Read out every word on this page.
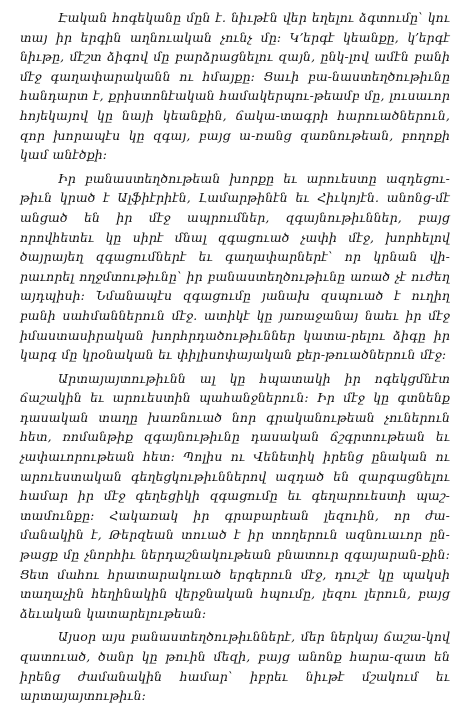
Էական հոգեկանը մըն է. նիւթէն վեր եղելու ձգտումը՝ կու տայ իր երգին աղնուական չունչ մը: Կ՚երգէ կեանքը, կ՚երգէ նիւթը, մէշտ ձիգով մը բարձրացնելու զայն, ընկ-լով ամէն բանի մէջ գաղափարականն ու հմայքը: Ցաւի բա-նաստեղծութիւնը հանդարտ է, քրիստոնէական համակերպու-թեամբ մը, լուսաւոր հոյեկայով կը նայի կեանքին, ճակա-տագրի հարուածներուն, զոր խորապէս կը զգայ, բայց ա-ռանց զառնութեան, բողոքի կամ անէծքի:

Իր բանաստեղծութեան խորքը եւ արուեստը ազդեցու-թիւն կրած է Ալֆիէրիէն, Լամարթինէն եւ Հիւկոյէն. անոնց-մէ անցած են իր մէջ ապրումներ, զգայնութիւններ, բայց որովհետեւ կը սիրէ մնալ զգացուած չափի մէջ, խորհելով ծայրայեղ զգացումներէ եւ գաղափարներէ՝ որ կրնան վի-րաւորել ողջմտութիւնը՝ իր բանաստեղծութիւնը առած չէ ուժեղ այդպիսի: Նմանապէս զգացումը յանախ զսպուած է ուղիղ բանի սահմաններուն մէջ. ատիկէ կը յառաջանայ նաեւ իր մէջ իմաստասիրական խորհրդածութիւններ կատա-րելու ձիգը իր կարգ մը կրօնական եւ փիլիսոփայական քեր-թուածներուն մէջ:

Արտայայտութիւնն ալ կը հպատակի իր ոգեկցմնէտ ճաշակին եւ արուեստին պահանջներուն: Իր մէջ կը գտնենք դասական տաղը խառնուած նոր գրականութեան չուներուն հետ, ռոմանթիք զգայնութիւնը դասական ճշգրտութեան եւ չափաւորութեան հետ: Պոլիս ու Վենետիկ իրենց ընական ու արուեստական գեղեցկութիւններով ազդած են զարգացնելու համար իր մէջ գեղեցիկի զգացումը եւ գեղարուեստի պաշ-տամունքը: Հակառակ իր գրաբարեան լեզուին, որ ժա-մանակին է, Թերզեան տուած է իր տողերուն ազնուաւոր ըն-թացք մը չնորհիւ ներդաշնակութեան բնատուր զգայարան-քին: Ցետ մահու հրատարակուած երգերուն մէջ, դուշէ կը պակսի տաղաչին հեղինակին վերջնական հպումը, լեզու լերուն, բայց ձեւական կատարելութեան:

Այսօր այս բանաստեղծութիւններէ, մեր ներկայ ճաշա-կով զատուած, ծանր կը թուին մեզի, բայց անոնք հարա-զատ են իրենց ժամանակին համար՝ իբրեւ նիւթէ մշակում եւ արտայայտութիւն:
